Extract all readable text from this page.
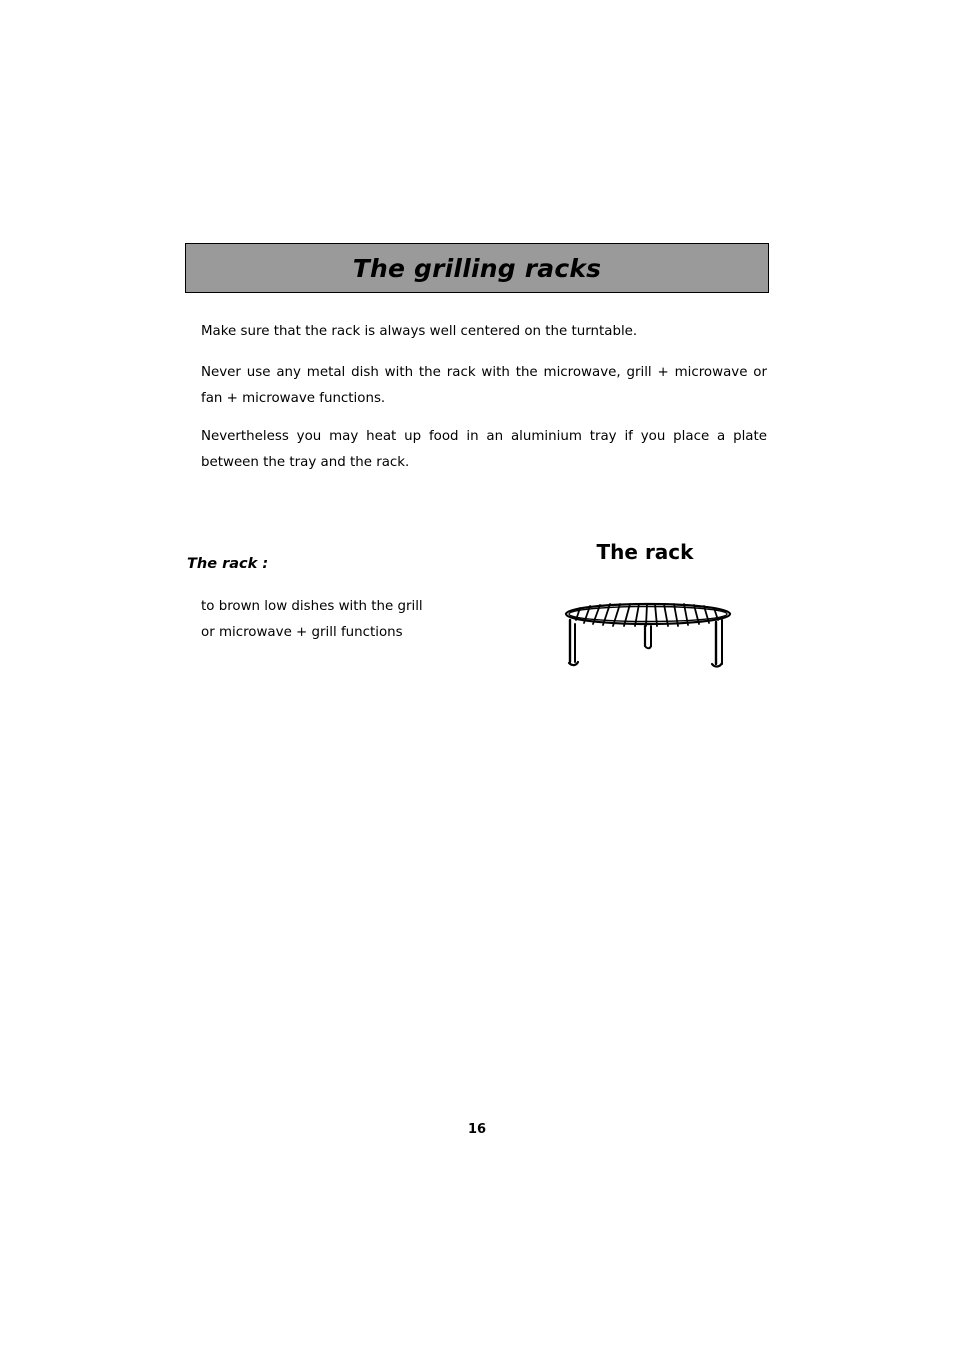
The grilling racks

Make sure that the rack is always well centered on the turntable.

Never use any metal dish with the rack with the microwave, grill + microwave or fan + microwave functions.

Nevertheless you may heat up food in an aluminium tray if you place a plate between the tray and the rack.

The rack :

to brown low dishes with the grill
or microwave + grill functions

The rack

16
